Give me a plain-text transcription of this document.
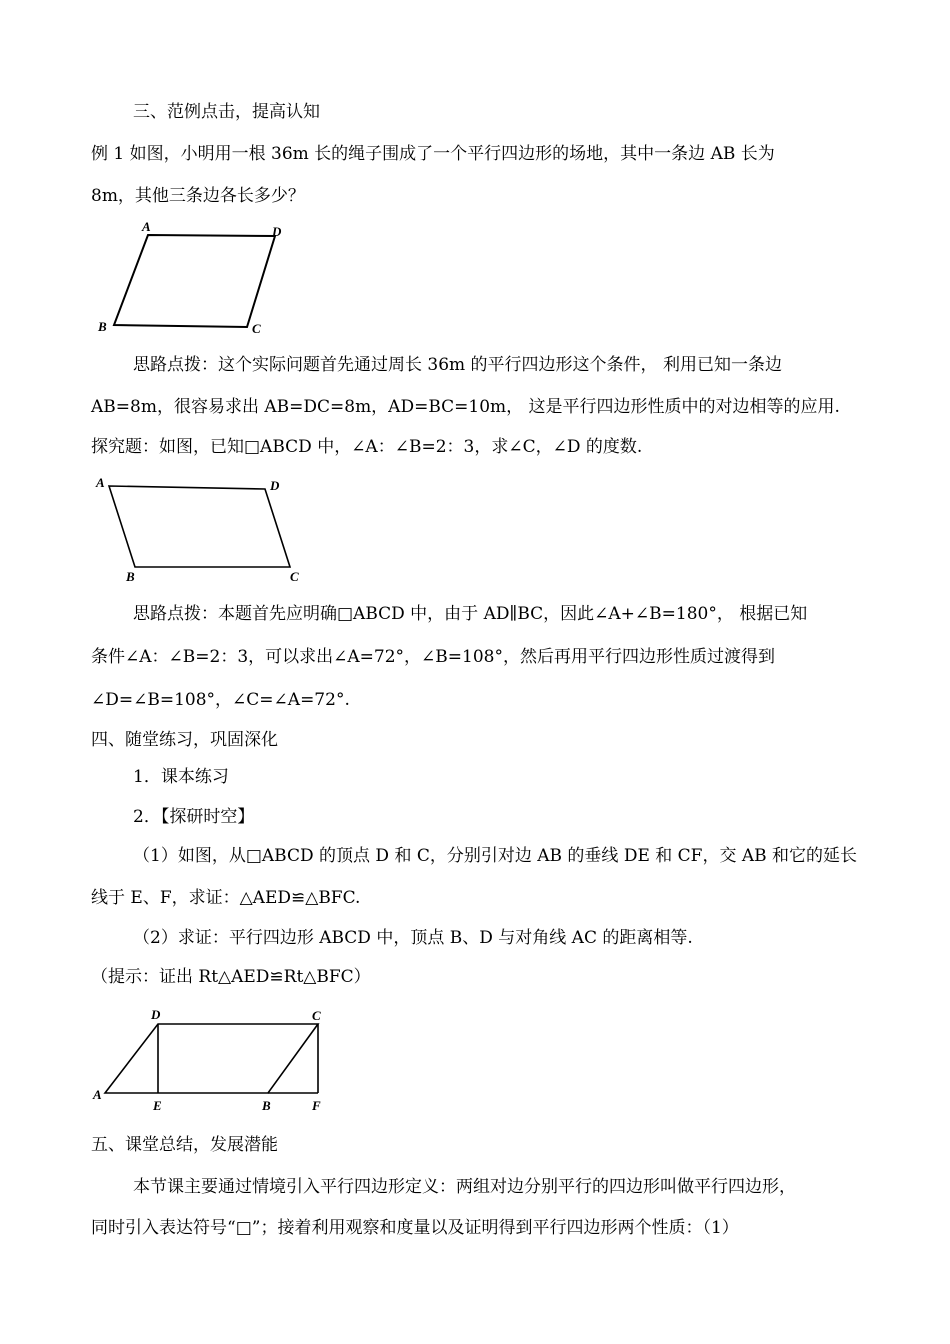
三、范例点击，提高认知
例 1 如图，小明用一根 36m 长的绳子围成了一个平行四边形的场地，其中一条边 AB 长为
8m，其他三条边各长多少？
A	D
B	C
思路点拨：这个实际问题首先通过周长 36m 的平行四边形这个条件， 利用已知一条边
AB=8m，很容易求出 AB=DC=8m，AD=BC=10m， 这是平行四边形性质中的对边相等的应用.
探究题：如图，已知□ABCD 中，∠A：∠B=2：3，求∠C，∠D 的度数.
A	D
B	C
思路点拨：本题首先应明确□ABCD 中，由于 AD∥BC，因此∠A+∠B=180°， 根据已知
条件∠A：∠B=2：3，可以求出∠A=72°，∠B=108°，然后再用平行四边形性质过渡得到
∠D=∠B=108°，∠C=∠A=72°.
四、随堂练习，巩固深化
1．课本练习
2．【探研时空】
（1）如图，从□ABCD 的顶点 D 和 C，分别引对边 AB 的垂线 DE 和 CF，交 AB 和它的延长
线于 E、F，求证：△AED≌△BFC.
（2）求证：平行四边形 ABCD 中，顶点 B、D 与对角线 AC 的距离相等.
（提示：证出 Rt△AED≌Rt△BFC）
D	C
A
E	B	F
五、课堂总结，发展潜能
本节课主要通过情境引入平行四边形定义：两组对边分别平行的四边形叫做平行四边形，
同时引入表达符号“□”；接着利用观察和度量以及证明得到平行四边形两个性质：（1）
